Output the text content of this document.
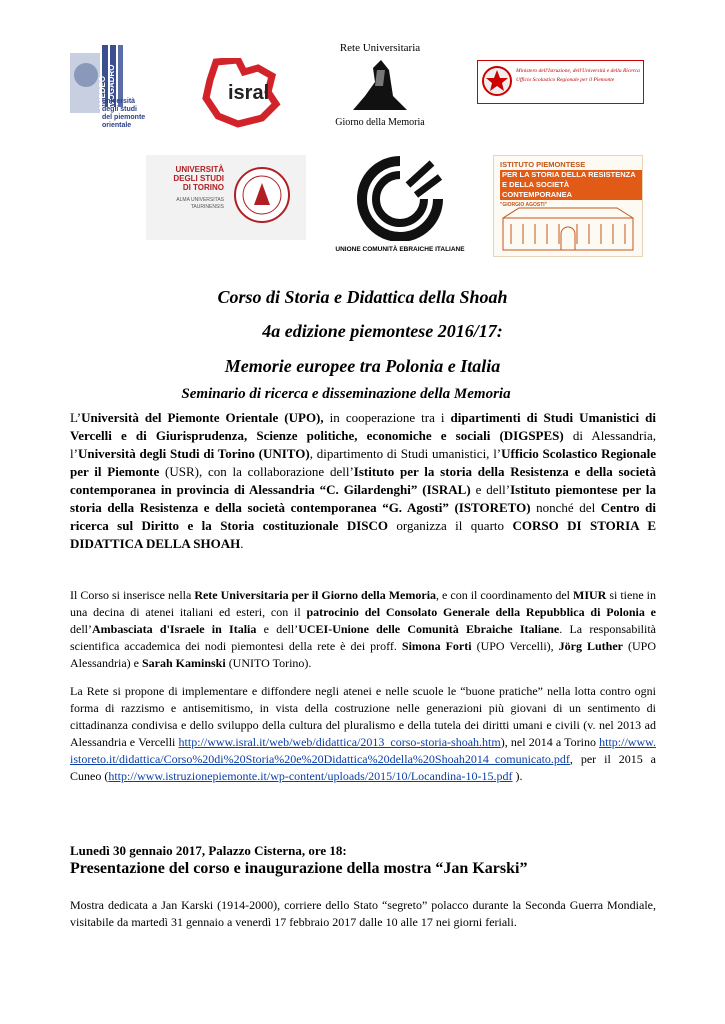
AMEDEO AVOGADRO
università
degli studi
del piemonte
orientale
isral
Rete Universitaria
Giorno della Memoria
Ministero dell'Istruzione, dell'Università e della Ricerca
Ufficio Scolastico Regionale per il Piemonte
UNIVERSITÀ
DEGLI STUDI
DI TORINO
ALMA UNIVERSITAS
TAURINENSIS
UNIONE COMUNITÀ EBRAICHE ITALIANE
ISTITUTO PIEMONTESE
PER LA STORIA DELLA RESISTENZA
E DELLA SOCIETÀ CONTEMPORANEA
"GIORGIO AGOSTI"
Corso di Storia e Didattica della Shoah
4a edizione piemontese 2016/17:
Memorie europee tra Polonia e Italia
Seminario di ricerca e disseminazione della Memoria

L’Università del Piemonte Orientale (UPO), in cooperazione tra i dipartimenti di Studi Umanistici di Vercelli e di Giurisprudenza, Scienze politiche, economiche e sociali (DIGSPES) di Alessandria, l’Università degli Studi di Torino (UNITO), dipartimento di Studi umanistici, l’Ufficio Scolastico Regionale per il Piemonte (USR), con la collaborazione dell’Istituto per la storia della Resistenza e della società contemporanea in provincia di Alessandria “C. Gilardenghi” (ISRAL) e dell’Istituto piemontese per la storia della Resistenza e della società contemporanea “G. Agosti” (ISTORETO) nonché del Centro di ricerca sul Diritto e la Storia costituzionale DISCO organizza il quarto CORSO DI STORIA E DIDATTICA DELLA SHOAH.

Il Corso si inserisce nella Rete Universitaria per il Giorno della Memoria, e con il coordinamento del MIUR si tiene in una decina di atenei italiani ed esteri, con il patrocinio del Consolato Generale della Repubblica di Polonia e dell’Ambasciata d'Israele in Italia e dell’UCEI-Unione delle Comunità Ebraiche Italiane. La responsabilità scientifica accademica dei nodi piemontesi della rete è dei proff. Simona Forti (UPO Vercelli), Jörg Luther (UPO Alessandria) e Sarah Kaminski (UNITO Torino).

La Rete si propone di implementare e diffondere negli atenei e nelle scuole le “buone pratiche” nella lotta contro ogni forma di razzismo e antisemitismo, in vista della costruzione nelle generazioni più giovani di un sentimento di cittadinanza condivisa e dello sviluppo della cultura del pluralismo e della tutela dei diritti umani e civili (v. nel 2013 ad Alessandria e Vercelli http://www.isral.it/web/web/didattica/2013_corso-storia-shoah.htm), nel 2014 a Torino http://www.istoreto.it/didattica/Corso%20di%20Storia%20e%20Didattica%20della%20Shoah2014_comunicato.pdf, per il 2015 a Cuneo (http://www.istruzionepiemonte.it/wp-content/uploads/2015/10/Locandina-10-15.pdf ).

Lunedì 30 gennaio 2017, Palazzo Cisterna, ore 18:
Presentazione del corso e inaugurazione della mostra “Jan Karski”

Mostra dedicata a Jan Karski (1914-2000), corriere dello Stato “segreto” polacco durante la Seconda Guerra Mondiale, visitabile da martedì 31 gennaio a venerdì 17 febbraio 2017 dalle 10 alle 17 nei giorni feriali.
